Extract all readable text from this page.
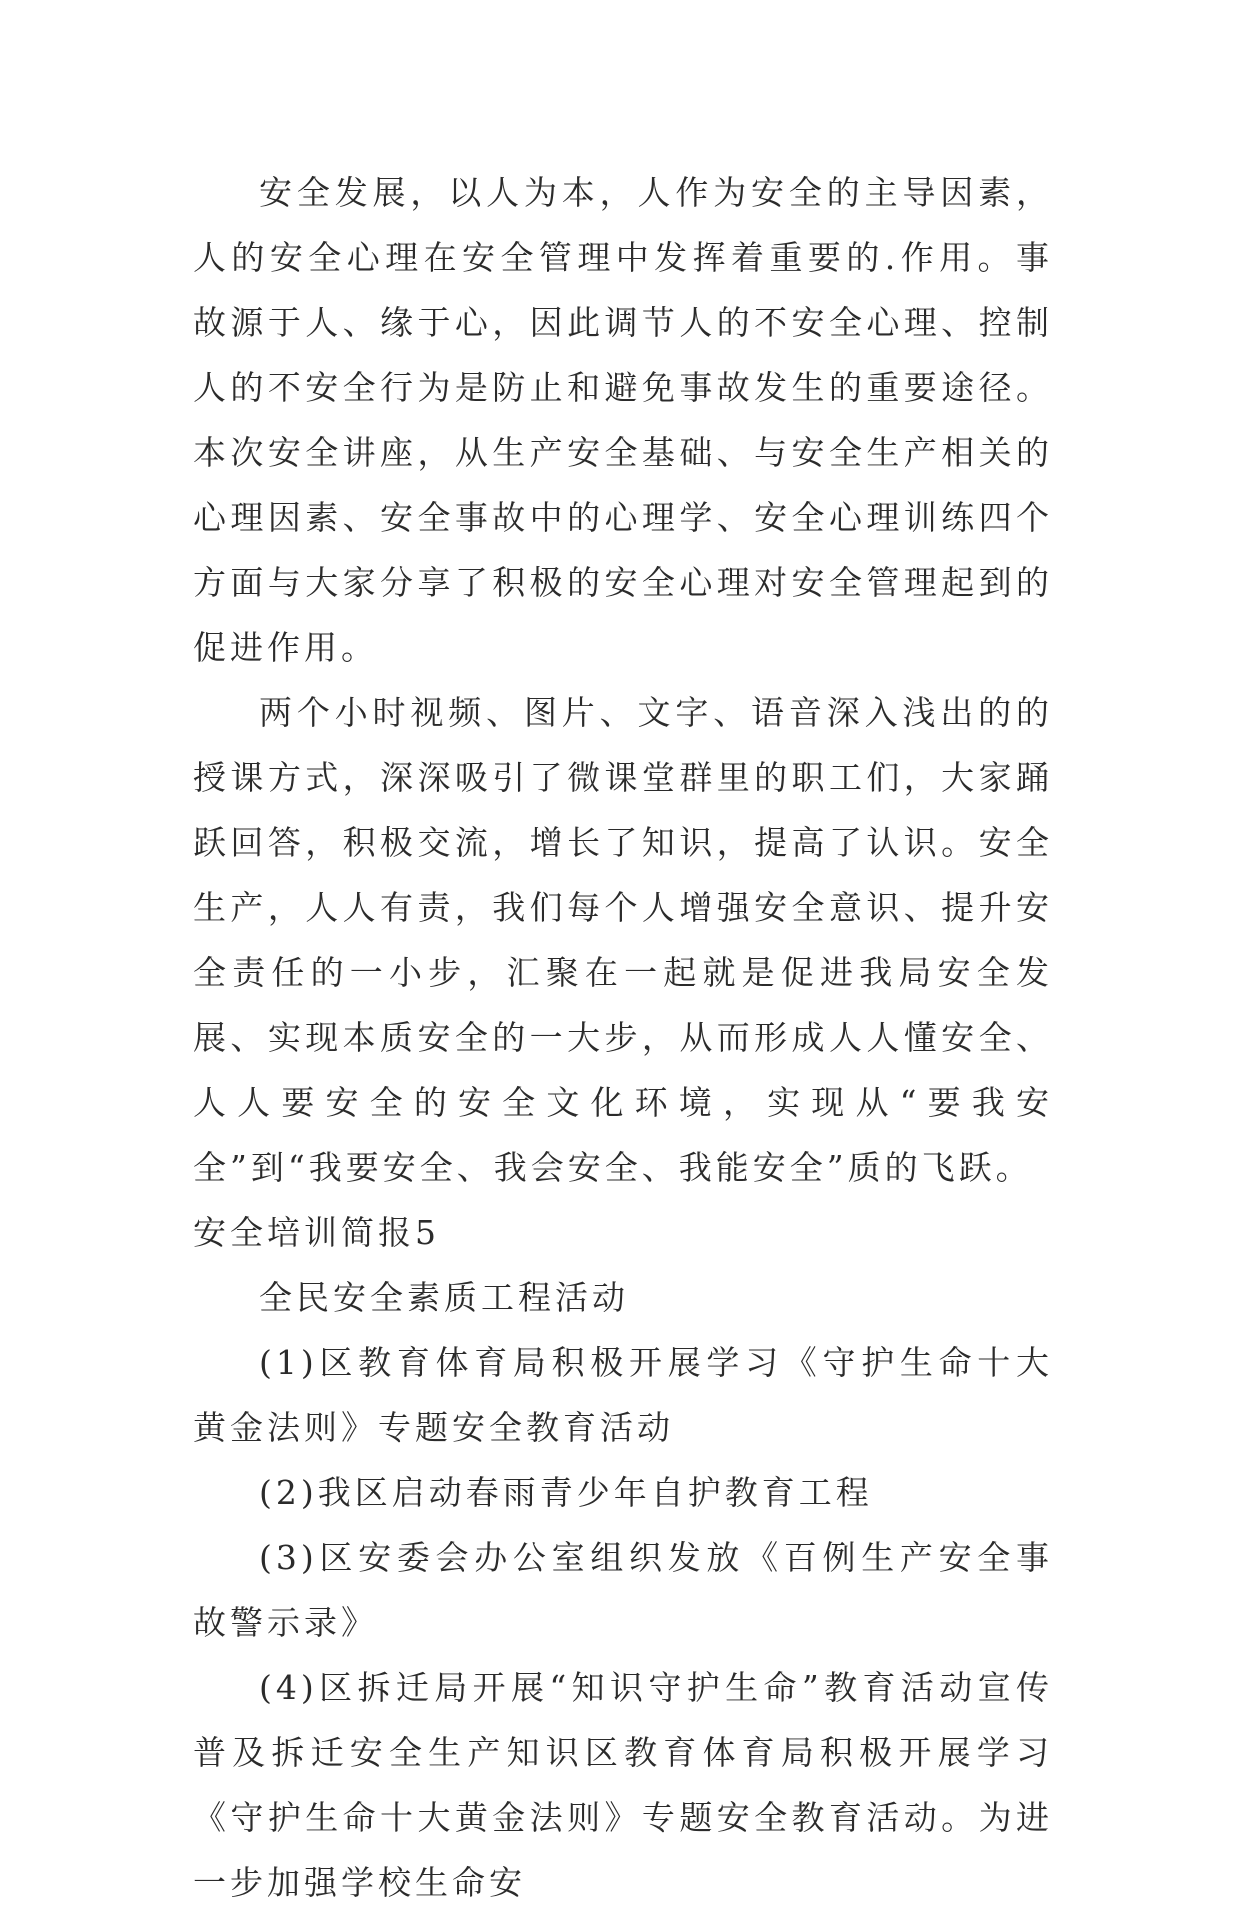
安全发展，以人为本，人作为安全的主导因素，人的安全心理在安全管理中发挥着重要的.作用。事故源于人、缘于心，因此调节人的不安全心理、控制人的不安全行为是防止和避免事故发生的重要途径。本次安全讲座，从生产安全基础、与安全生产相关的心理因素、安全事故中的心理学、安全心理训练四个方面与大家分享了积极的安全心理对安全管理起到的促进作用。

两个小时视频、图片、文字、语音深入浅出的的授课方式，深深吸引了微课堂群里的职工们，大家踊跃回答，积极交流，增长了知识，提高了认识。安全生产，人人有责，我们每个人增强安全意识、提升安全责任的一小步，汇聚在一起就是促进我局安全发展、实现本质安全的一大步，从而形成人人懂安全、人人要安全的安全文化环境，实现从“要我安全”到“我要安全、我会安全、我能安全”质的飞跃。

安全培训简报5

全民安全素质工程活动

(1)区教育体育局积极开展学习《守护生命十大黄金法则》专题安全教育活动

(2)我区启动春雨青少年自护教育工程

(3)区安委会办公室组织发放《百例生产安全事故警示录》

(4)区拆迁局开展“知识守护生命”教育活动宣传普及拆迁安全生产知识区教育体育局积极开展学习《守护生命十大黄金法则》专题安全教育活动。为进一步加强学校生命安
